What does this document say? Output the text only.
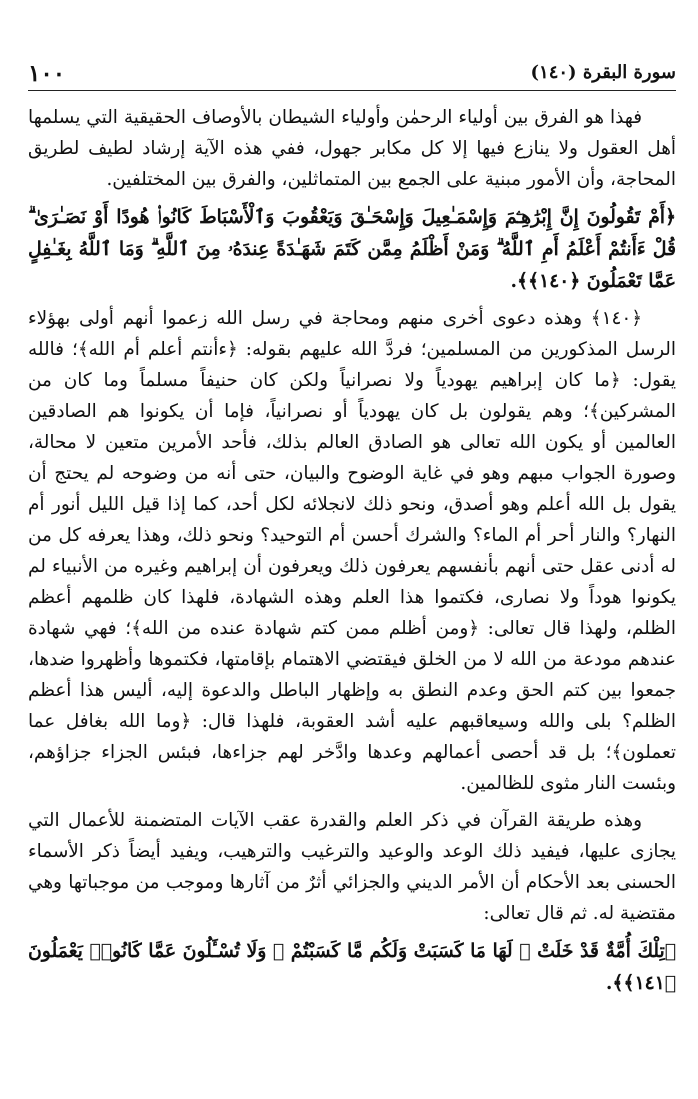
سورة البقرة (١٤٠)
١٠٠

فهذا هو الفرق بين أولياء الرحمٰن وأولياء الشيطان بالأوصاف الحقيقية التي يسلمها أهل العقول ولا ينازع فيها إلا كل مكابر جهول، ففي هذه الآية إرشاد لطيف لطريق المحاجة، وأن الأمور مبنية على الجمع بين المتماثلين، والفرق بين المختلفين.

﴿أَمْ تَقُولُونَ إِنَّ إِبْرَٰهِـۧمَ وَإِسْمَـٰعِيلَ وَإِسْحَـٰقَ وَيَعْقُوبَ وَٱلْأَسْبَاطَ كَانُوا۟ هُودًا أَوْ نَصَـٰرَىٰ ۗ قُلْ ءَأَنتُمْ أَعْلَمُ أَمِ ٱللَّهُ ۗ وَمَنْ أَظْلَمُ مِمَّن كَتَمَ شَهَـٰدَةً عِندَهُۥ مِنَ ٱللَّهِ ۗ وَمَا ٱللَّهُ بِغَـٰفِلٍ عَمَّا تَعْمَلُونَ ﴿١٤٠﴾﴾.

﴿١٤٠﴾ وهذه دعوى أخرى منهم ومحاجة في رسل الله زعموا أنهم أولى بهؤلاء الرسل المذكورين من المسلمين؛ فردَّ الله عليهم بقوله: ﴿ءأنتم أعلم أم الله﴾؛ فالله يقول: ﴿ما كان إبراهيم يهودياً ولا نصرانياً ولكن كان حنيفاً مسلماً وما كان من المشركين﴾؛ وهم يقولون بل كان يهودياً أو نصرانياً، فإما أن يكونوا هم الصادقين العالمين أو يكون الله تعالى هو الصادق العالم بذلك، فأحد الأمرين متعين لا محالة، وصورة الجواب مبهم وهو في غاية الوضوح والبيان، حتى أنه من وضوحه لم يحتج أن يقول بل الله أعلم وهو أصدق، ونحو ذلك لانجلائه لكل أحد، كما إذا قيل الليل أنور أم النهار؟ والنار أحر أم الماء؟ والشرك أحسن أم التوحيد؟ ونحو ذلك، وهذا يعرفه كل من له أدنى عقل حتى أنهم بأنفسهم يعرفون ذلك ويعرفون أن إبراهيم وغيره من الأنبياء لم يكونوا هوداً ولا نصارى، فكتموا هذا العلم وهذه الشهادة، فلهذا كان ظلمهم أعظم الظلم، ولهذا قال تعالى: ﴿ومن أظلم ممن كتم شهادة عنده من الله﴾؛ فهي شهادة عندهم مودعة من الله لا من الخلق فيقتضي الاهتمام بإقامتها، فكتموها وأظهروا ضدها، جمعوا بين كتم الحق وعدم النطق به وإظهار الباطل والدعوة إليه، أليس هذا أعظم الظلم؟ بلى والله وسيعاقبهم عليه أشد العقوبة، فلهذا قال: ﴿وما الله بغافل عما تعملون﴾؛ بل قد أحصى أعمالهم وعدها وادَّخر لهم جزاءها، فبئس الجزاء جزاؤهم، وبئست النار مثوى للظالمين.

وهذه طريقة القرآن في ذكر العلم والقدرة عقب الآيات المتضمنة للأعمال التي يجازى عليها، فيفيد ذلك الوعد والوعيد والترغيب والترهيب، ويفيد أيضاً ذكر الأسماء الحسنى بعد الأحكام أن الأمر الديني والجزائي أثرٌ من آثارها وموجب من موجباتها وهي مقتضية له. ثم قال تعالى:

﴿تِلْكَ أُمَّةٌ قَدْ خَلَتْ ۖ لَهَا مَا كَسَبَتْ وَلَكُم مَّا كَسَبْتُمْ ۖ وَلَا تُسْـَٔلُونَ عَمَّا كَانُوا۟ يَعْمَلُونَ ﴿١٤١﴾﴾.
